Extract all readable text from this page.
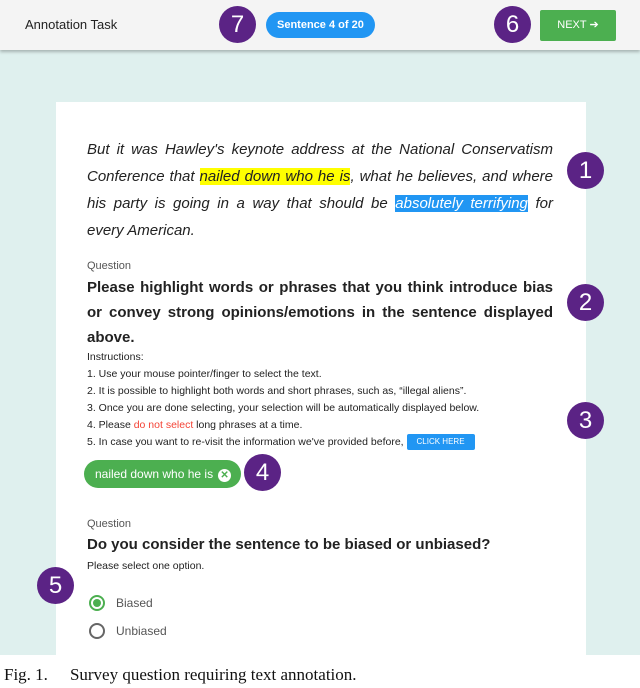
Annotation Task	Sentence 4 of 20	NEXT ➔
But it was Hawley's keynote address at the National Conservatism Conference that nailed down who he is, what he believes, and where his party is going in a way that should be absolutely terrifying for every American.
Question
Please highlight words or phrases that you think introduce bias or convey strong opinions/emotions in the sentence displayed above.
Instructions:
1. Use your mouse pointer/finger to select the text.
2. It is possible to highlight both words and short phrases, such as, “illegal aliens”.
3. Once you are done selecting, your selection will be automatically displayed below.
4. Please do not select long phrases at a time.
5. In case you want to re-visit the information we've provided before, CLICK HERE
nailed down who he is ✕
Question
Do you consider the sentence to be biased or unbiased?
Please select one option.
Biased
Unbiased
1
2
3
4
5
6
7
Fig. 1. Survey question requiring text annotation.
